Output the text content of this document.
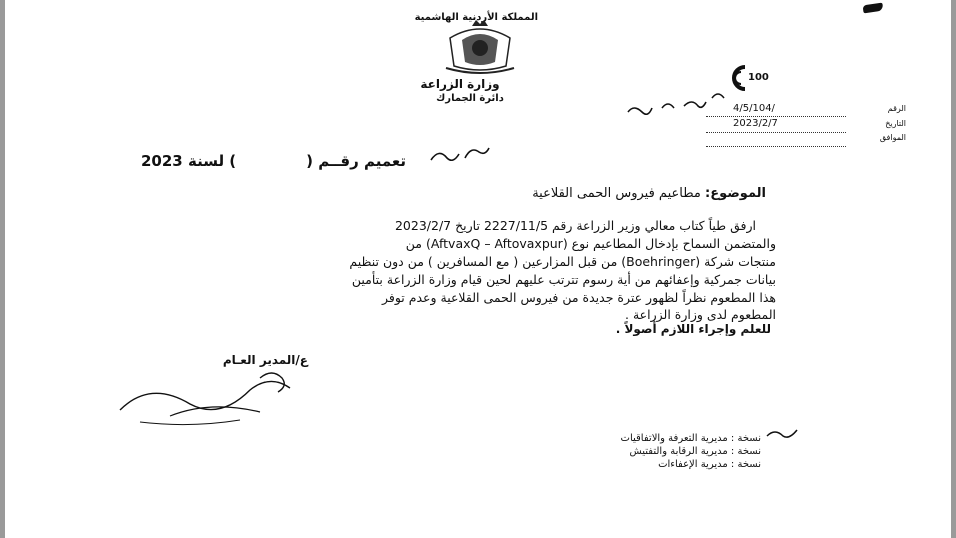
المملكة الأردنية الهاشمية
وزارة الزراعة
دائرة الجمارك
100
الرقم
4/5/104/
التاريخ
2023/2/7
الموافق
تعميم رقــم () لسنة 2023
الموضوع: مطاعيم فيروس الحمى القلاعية
ارفق طياً كتاب معالي وزير الزراعة رقم 2227/11/5 تاريخ 2023/2/7
والمتضمن السماح بإدخال المطاعيم نوع (AftvaxQ – Aftovaxpur) من
منتجات شركة (Boehringer) من قبل المزارعين ( مع المسافرين ) من دون تنظيم
بيانات جمركية وإعفائهم من أية رسوم تترتب عليهم لحين قيام وزارة الزراعة بتأمين
هذا المطعوم نظراً لظهور عترة جديدة من فيروس الحمى القلاعية وعدم توفر
المطعوم لدى وزارة الزراعة .
للعلم وإجراء اللازم أصولاً .
ع/المدير العـام
نسخة : مديرية التعرفة والاتفاقيات
نسخة : مديرية الرقابة والتفتيش
نسخة : مديرية الإعفاءات
